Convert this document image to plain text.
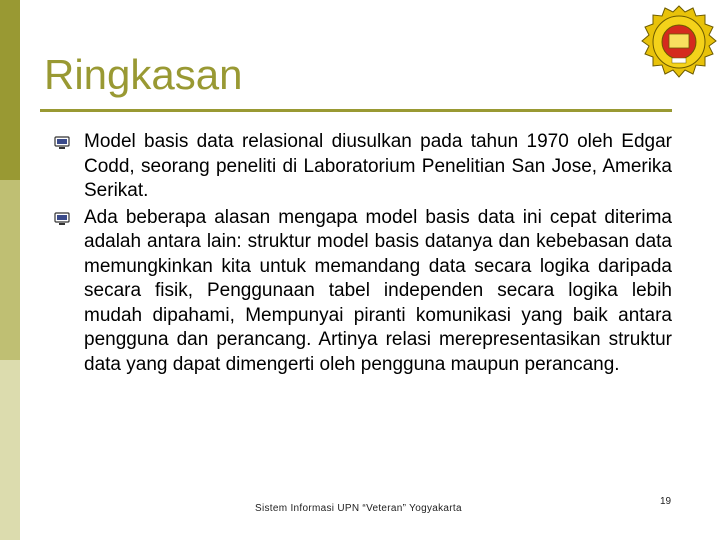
Ringkasan
Model basis data relasional diusulkan pada tahun 1970 oleh Edgar Codd, seorang peneliti di Laboratorium Penelitian San Jose, Amerika Serikat.
Ada beberapa alasan mengapa model basis data ini cepat diterima adalah antara lain: struktur model basis datanya dan kebebasan data memungkinkan kita untuk memandang data secara logika daripada secara fisik, Penggunaan tabel independen secara logika lebih mudah dipahami, Mempunyai piranti komunikasi yang baik antara pengguna dan perancang. Artinya relasi merepresentasikan struktur data yang dapat dimengerti oleh pengguna maupun perancang.
Sistem Informasi UPN “Veteran” Yogyakarta
19
